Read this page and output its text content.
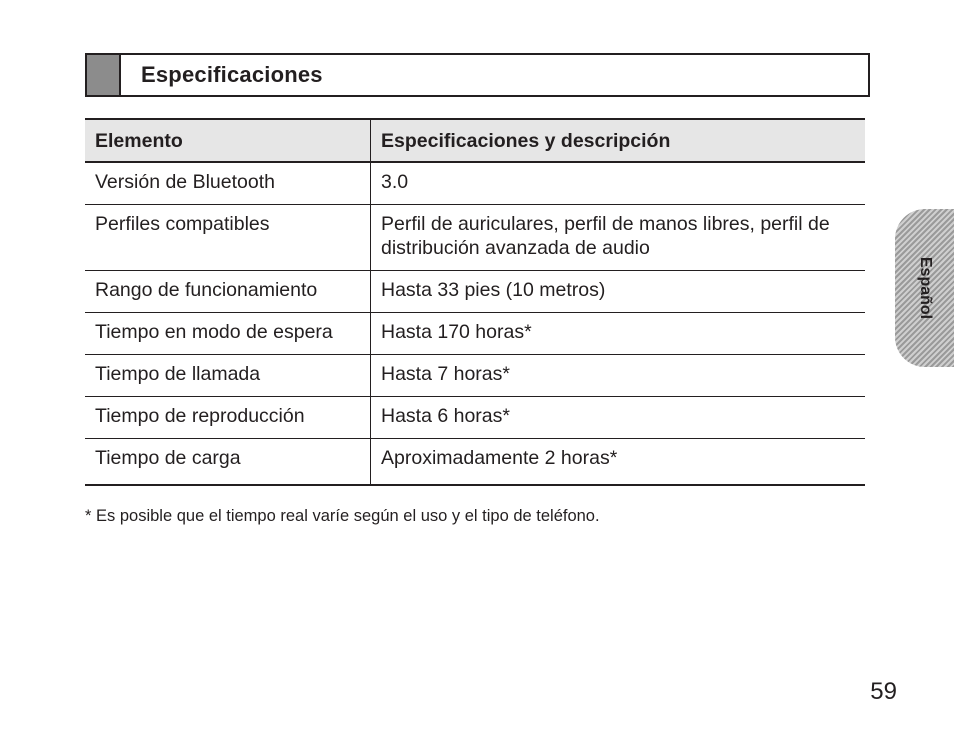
Especificaciones
Elemento	Especificaciones y descripción
Versión de Bluetooth	3.0
Perfiles compatibles	Perfil de auriculares, perfil de manos libres, perfil de distribución avanzada de audio
Rango de funcionamiento	Hasta 33 pies (10 metros)
Tiempo en modo de espera	Hasta 170 horas*
Tiempo de llamada	Hasta 7 horas*
Tiempo de reproducción	Hasta 6 horas*
Tiempo de carga	Aproximadamente 2 horas*
* Es posible que el tiempo real varíe según el uso y el tipo de teléfono.
Español
59
